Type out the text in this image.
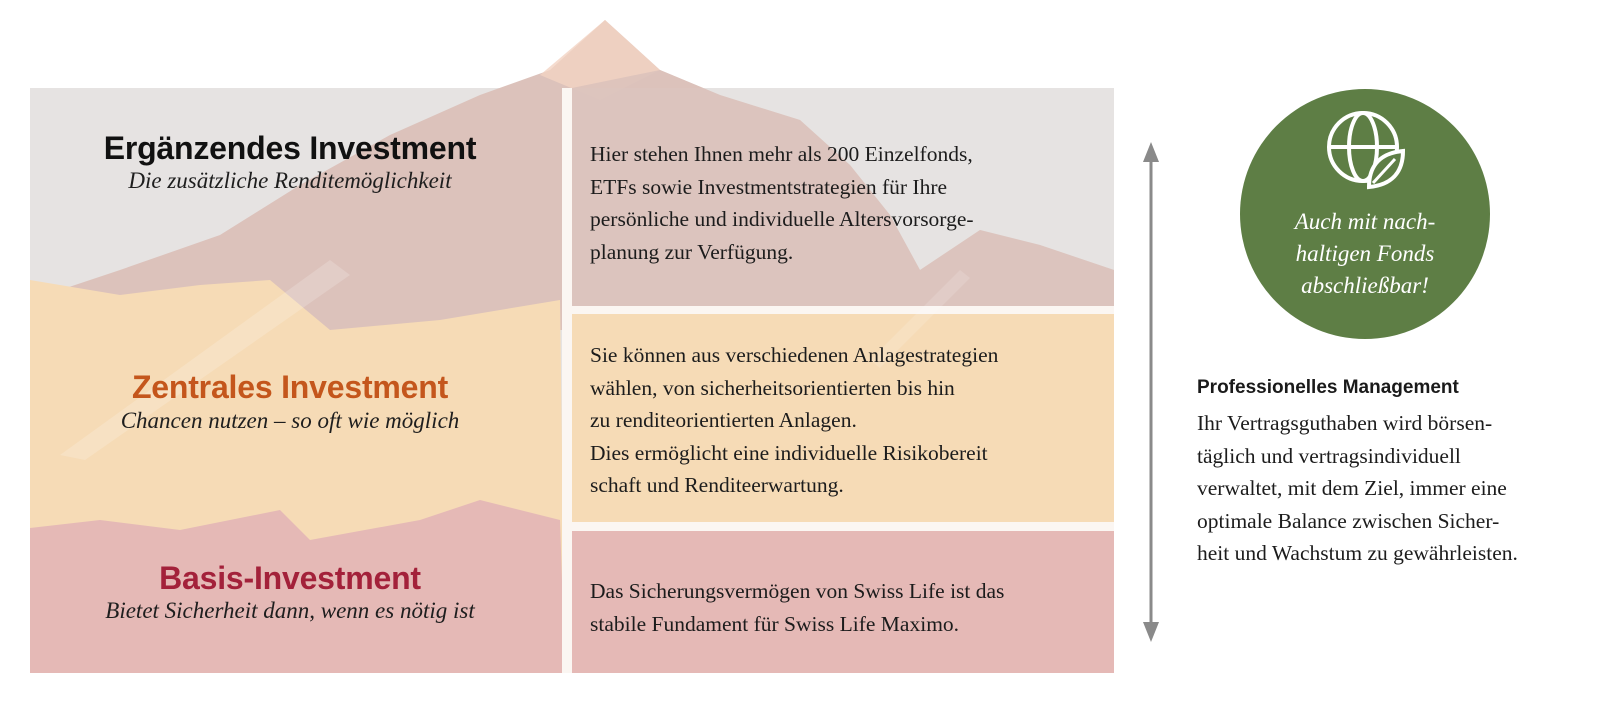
Ergänzendes Investment
Die zusätzliche Renditemöglichkeit
Zentrales Investment
Chancen nutzen – so oft wie möglich
Basis-Investment
Bietet Sicherheit dann, wenn es nötig ist
Hier stehen Ihnen mehr als 200 Einzelfonds,
ETFs sowie Investmentstrategien für Ihre
persönliche und individuelle Altersvorsorge-
planung zur Verfügung.
Sie können aus verschiedenen Anlagestrategien
wählen, von sicherheitsorientierten bis hin
zu renditeorientierten Anlagen.
Dies ermöglicht eine individuelle Risikobereit
schaft und Renditeerwartung.
Das Sicherungsvermögen von Swiss Life ist das
stabile Fundament für Swiss Life Maximo.
Auch mit nach-
haltigen Fonds
abschließbar!
Professionelles Management
Ihr Vertragsguthaben wird börsen-
täglich und vertragsindividuell
verwaltet, mit dem Ziel, immer eine
optimale Balance zwischen Sicher-
heit und Wachstum zu gewährleisten.
